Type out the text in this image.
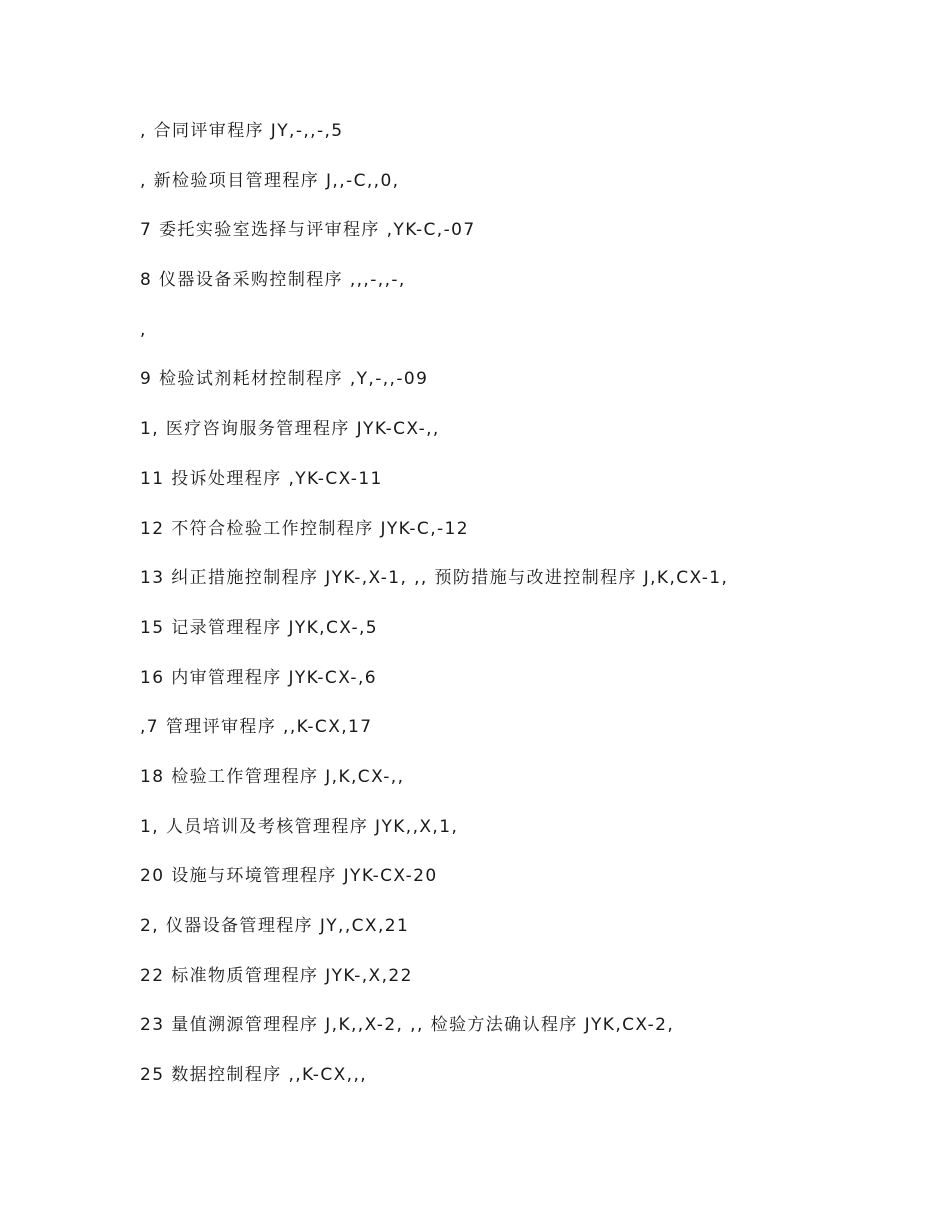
, 合同评审程序 JY,-,,-,5
, 新检验项目管理程序 J,,-C,,0,
7 委托实验室选择与评审程序 ,YK-C,-07
8 仪器设备采购控制程序 ,,,-,,-,
,
9 检验试剂耗材控制程序 ,Y,-,,-09
1, 医疗咨询服务管理程序 JYK-CX-,,
11 投诉处理程序 ,YK-CX-11
12 不符合检验工作控制程序 JYK-C,-12
13 纠正措施控制程序 JYK-,X-1, ,, 预防措施与改进控制程序 J,K,CX-1,
15 记录管理程序 JYK,CX-,5
16 内审管理程序 JYK-CX-,6
,7 管理评审程序 ,,K-CX,17
18 检验工作管理程序 J,K,CX-,,
1, 人员培训及考核管理程序 JYK,,X,1,
20 设施与环境管理程序 JYK-CX-20
2, 仪器设备管理程序 JY,,CX,21
22 标准物质管理程序 JYK-,X,22
23 量值溯源管理程序 J,K,,X-2, ,, 检验方法确认程序 JYK,CX-2,
25 数据控制程序 ,,K-CX,,,
